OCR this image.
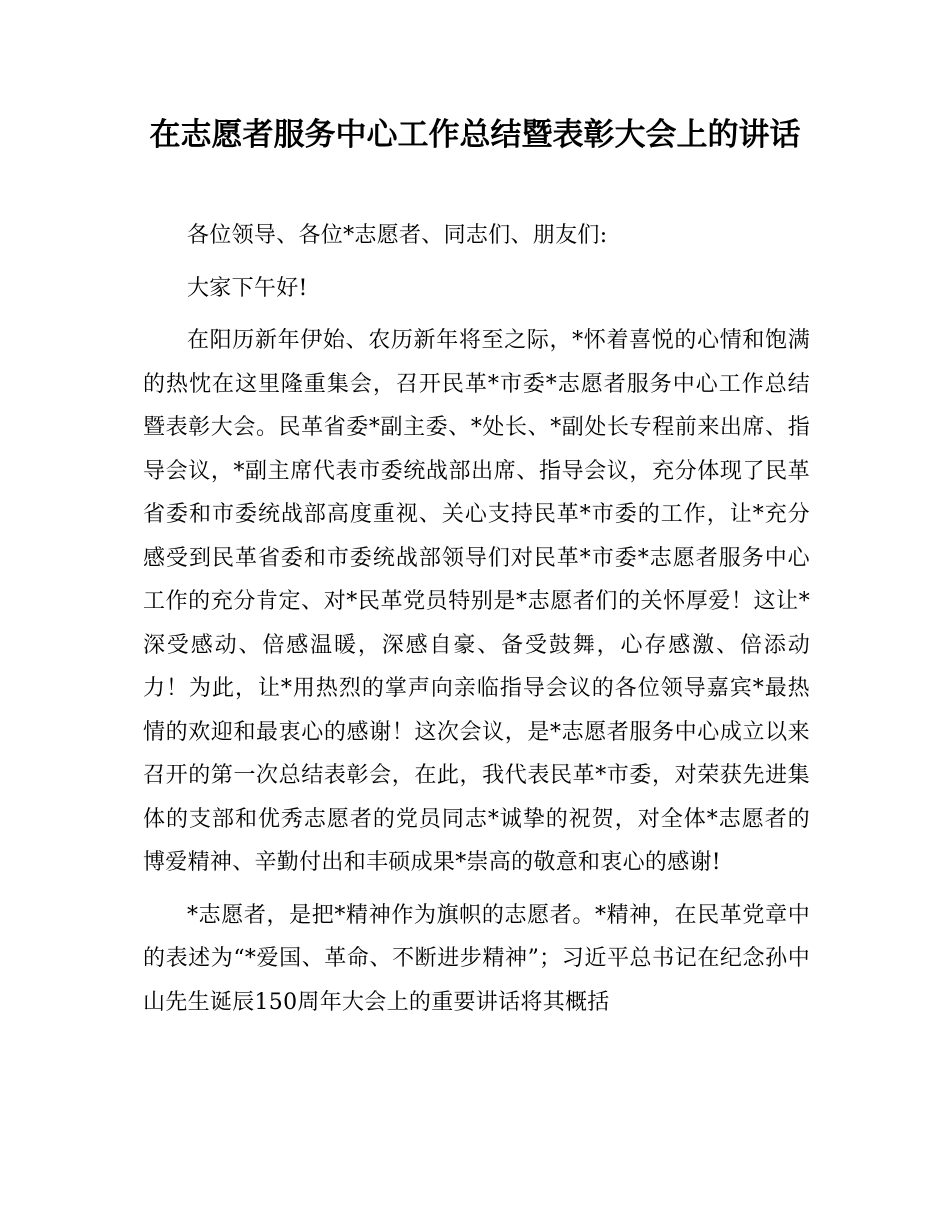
在志愿者服务中心工作总结暨表彰大会上的讲话

各位领导、各位*志愿者、同志们、朋友们:

大家下午好!

在阳历新年伊始、农历新年将至之际，*怀着喜悦的心情和饱满的热忱在这里隆重集会，召开民革*市委*志愿者服务中心工作总结暨表彰大会。民革省委*副主委、*处长、*副处长专程前来出席、指导会议，*副主席代表市委统战部出席、指导会议，充分体现了民革省委和市委统战部高度重视、关心支持民革*市委的工作，让*充分感受到民革省委和市委统战部领导们对民革*市委*志愿者服务中心工作的充分肯定、对*民革党员特别是*志愿者们的关怀厚爱！这让*深受感动、倍感温暖，深感自豪、备受鼓舞，心存感激、倍添动力！为此，让*用热烈的掌声向亲临指导会议的各位领导嘉宾*最热情的欢迎和最衷心的感谢！这次会议，是*志愿者服务中心成立以来召开的第一次总结表彰会，在此，我代表民革*市委，对荣获先进集体的支部和优秀志愿者的党员同志*诚挚的祝贺，对全体*志愿者的博爱精神、辛勤付出和丰硕成果*崇高的敬意和衷心的感谢!

*志愿者，是把*精神作为旗帜的志愿者。*精神，在民革党章中的表述为“*爱国、革命、不断进步精神”；习近平总书记在纪念孙中山先生诞辰150周年大会上的重要讲话将其概括
